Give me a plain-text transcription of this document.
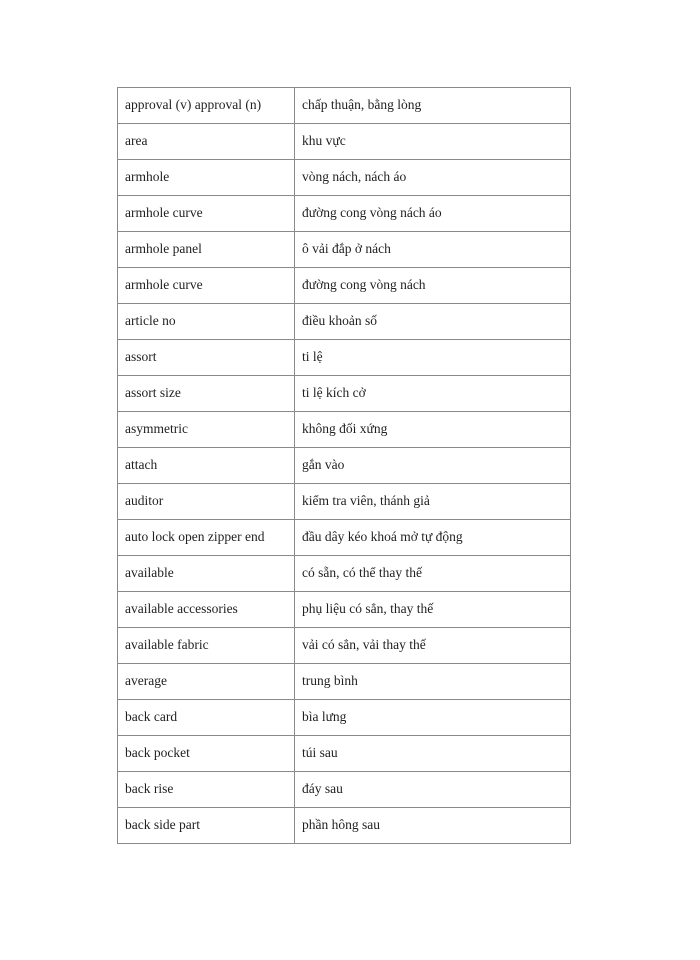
approval (v) approval (n)	chấp thuận, bằng lòng
area	khu vực
armhole	vòng nách, nách áo
armhole curve	đường cong vòng nách áo
armhole panel	ô vải đắp ở nách
armhole curve	đường cong vòng nách
article no	điều khoản số
assort	ti lệ
assort size	ti lệ kích cở
asymmetric	không đối xứng
attach	gắn vào
auditor	kiểm tra viên, thánh giả
auto lock open zipper end	đầu dây kéo khoá mở tự động
available	có sẵn, có thể thay thế
available accessories	phụ liệu có sẳn, thay thế
available fabric	vải có sẳn, vải thay thế
average	trung bình
back card	bìa lưng
back pocket	túi sau
back rise	đáy sau
back side part	phần hông sau
